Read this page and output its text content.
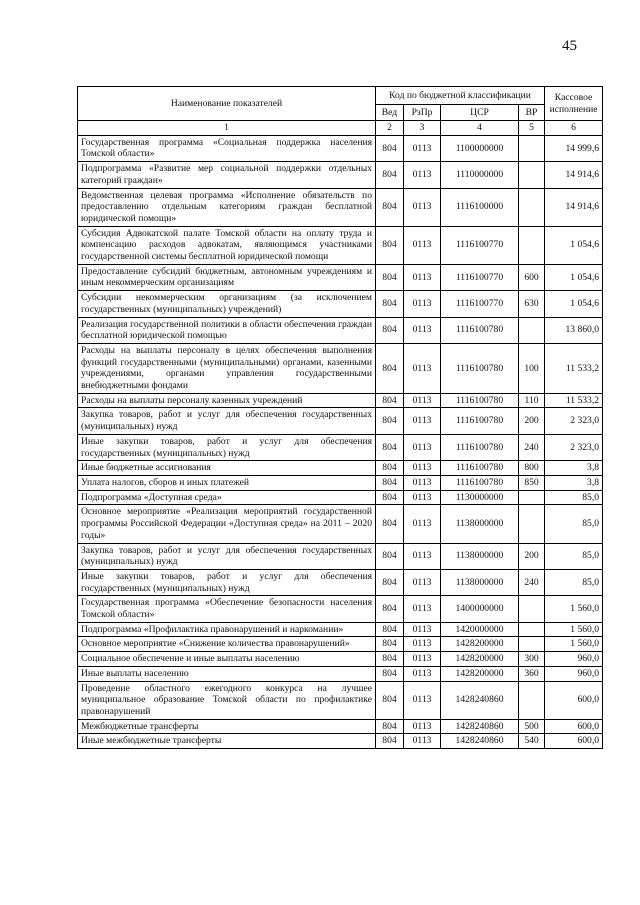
45
Наименование показателей	Код по бюджетной классификации				Кассовое исполнение
	Вед	РзПр	ЦСР	ВР	
1	2	3	4	5	6
Государственная программа «Социальная поддержка населения Томской области»	804	0113	1100000000		14 999,6
Подпрограмма «Развитие мер социальной поддержки отдельных категорий граждан»	804	0113	1110000000		14 914,6
Ведомственная целевая программа «Исполнение обязательств по предоставлению отдельным категориям граждан бесплатной юридической помощи»	804	0113	1116100000		14 914,6
Субсидия Адвокатской палате Томской области на оплату труда и компенсацию расходов адвокатам, являющимся участниками государственной системы бесплатной юридической помощи	804	0113	1116100770		1 054,6
Предоставление субсидий бюджетным, автономным учреждениям и иным некоммерческим организациям	804	0113	1116100770	600	1 054,6
Субсидии некоммерческим организациям (за исключением государственных (муниципальных) учреждений)	804	0113	1116100770	630	1 054,6
Реализация государственной политики в области обеспечения граждан бесплатной юридической помощью	804	0113	1116100780		13 860,0
Расходы на выплаты персоналу в целях обеспечения выполнения функций государственными (муниципальными) органами, казенными учреждениями, органами управления государственными внебюджетными фондами	804	0113	1116100780	100	11 533,2
Расходы на выплаты персоналу казенных учреждений	804	0113	1116100780	110	11 533,2
Закупка товаров, работ и услуг для обеспечения государственных (муниципальных) нужд	804	0113	1116100780	200	2 323,0
Иные закупки товаров, работ и услуг для обеспечения государственных (муниципальных) нужд	804	0113	1116100780	240	2 323,0
Иные бюджетные ассигнования	804	0113	1116100780	800	3,8
Уплата налогов, сборов и иных платежей	804	0113	1116100780	850	3,8
Подпрограмма «Доступная среда»	804	0113	1130000000		85,0
Основное мероприятие «Реализация мероприятий государственной программы Российской Федерации «Доступная среда» на 2011 – 2020 годы»	804	0113	1138000000		85,0
Закупка товаров, работ и услуг для обеспечения государственных (муниципальных) нужд	804	0113	1138000000	200	85,0
Иные закупки товаров, работ и услуг для обеспечения государственных (муниципальных) нужд	804	0113	1138000000	240	85,0
Государственная программа «Обеспечение безопасности населения Томской области»	804	0113	1400000000		1 560,0
Подпрограмма «Профилактика правонарушений и наркомании»	804	0113	1420000000		1 560,0
Основное мероприятие «Снижение количества правонарушений»	804	0113	1428200000		1 560,0
Социальное обеспечение и иные выплаты населению	804	0113	1428200000	300	960,0
Иные выплаты населению	804	0113	1428200000	360	960,0
Проведение областного ежегодного конкурса на лучшее муниципальное образование Томской области по профилактике правонарушений	804	0113	1428240860		600,0
Межбюджетные трансферты	804	0113	1428240860	500	600,0
Иные межбюджетные трансферты	804	0113	1428240860	540	600,0
